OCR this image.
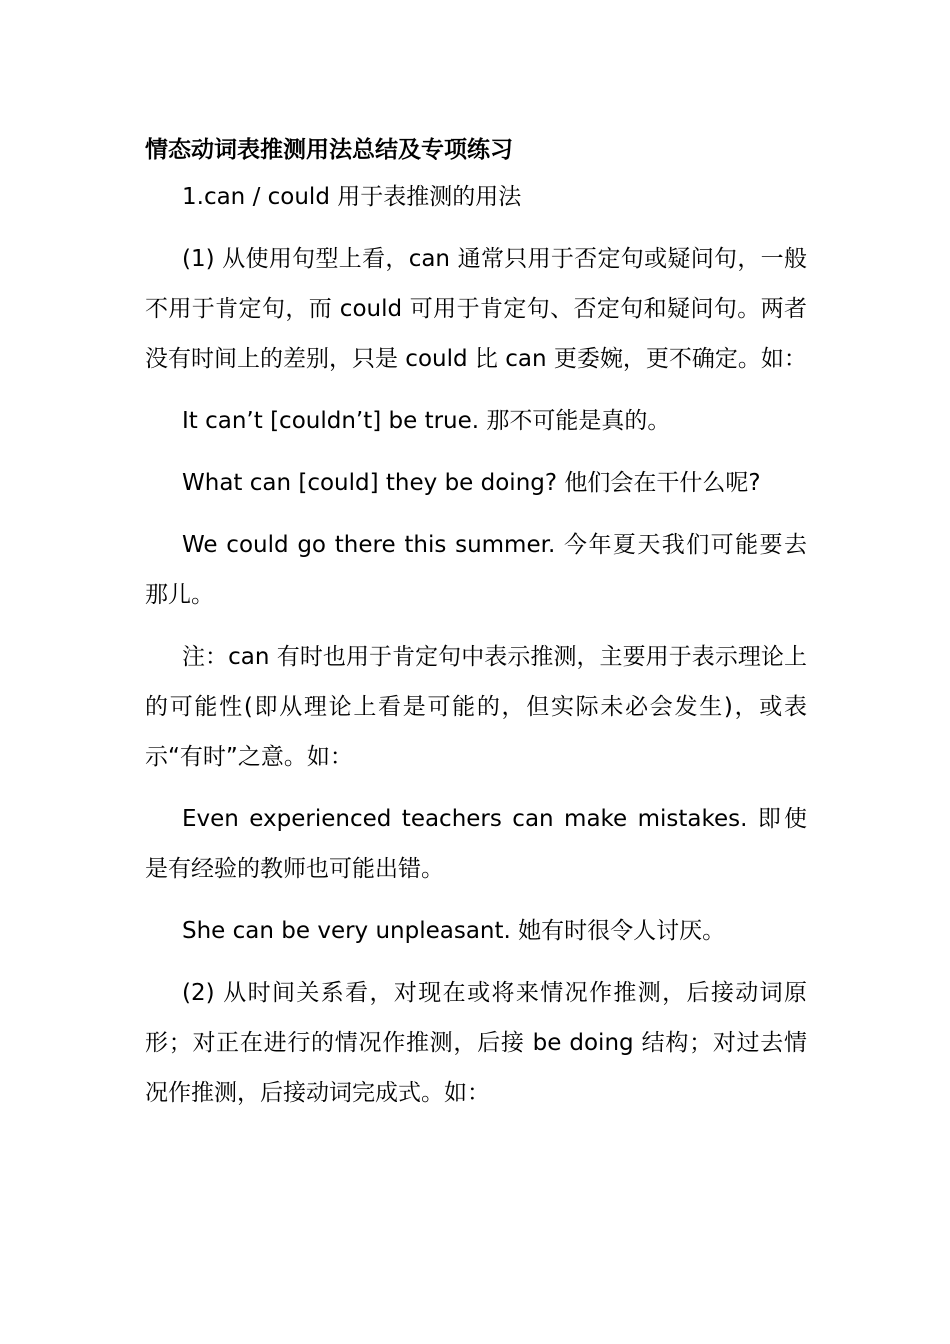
情态动词表推测用法总结及专项练习

1.can / could 用于表推测的用法

(1) 从使用句型上看，can 通常只用于否定句或疑问句，一般不用于肯定句，而 could 可用于肯定句、否定句和疑问句。两者没有时间上的差别，只是 could 比 can 更委婉，更不确定。如：

It can’t [couldn’t] be true. 那不可能是真的。

What can [could] they be doing? 他们会在干什么呢?

We could go there this summer. 今年夏天我们可能要去那儿。

注：can 有时也用于肯定句中表示推测，主要用于表示理论上的可能性(即从理论上看是可能的，但实际未必会发生)，或表示“有时”之意。如：

Even experienced teachers can make mistakes. 即使是有经验的教师也可能出错。

She can be very unpleasant. 她有时很令人讨厌。

(2) 从时间关系看，对现在或将来情况作推测，后接动词原形；对正在进行的情况作推测，后接 be doing 结构；对过去情况作推测，后接动词完成式。如：
